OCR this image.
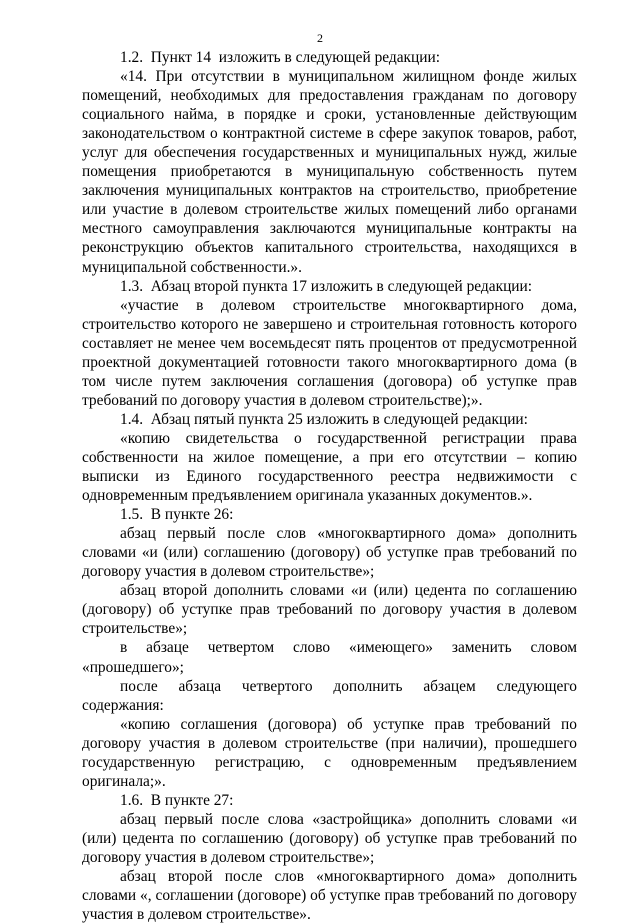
2

1.2.  Пункт 14  изложить в следующей редакции:

«14. При отсутствии в муниципальном жилищном фонде жилых помещений, необходимых для предоставления гражданам по договору социального найма, в порядке и сроки, установленные действующим законодательством о контрактной системе в сфере закупок товаров, работ, услуг для обеспечения государственных и муниципальных нужд, жилые помещения приобретаются в муниципальную собственность путем заключения муниципальных контрактов на строительство, приобретение или участие в долевом строительстве жилых помещений либо органами местного самоуправления заключаются муниципальные контракты на реконструкцию объектов капитального строительства, находящихся в муниципальной собственности.».

1.3.  Абзац второй пункта 17 изложить в следующей редакции:

«участие в долевом строительстве многоквартирного дома, строительство которого не завершено и строительная готовность которого составляет не менее чем восемьдесят пять процентов от предусмотренной проектной документацией готовности такого многоквартирного дома (в том числе путем заключения соглашения (договора) об уступке прав требований по договору участия в долевом строительстве);».

1.4.  Абзац пятый пункта 25 изложить в следующей редакции:

«копию свидетельства о государственной регистрации права собственности на жилое помещение, а при его отсутствии – копию выписки из Единого государственного реестра недвижимости с одновременным предъявлением оригинала указанных документов.».

1.5.  В пункте 26:

абзац первый после слов «многоквартирного дома» дополнить словами «и (или) соглашению (договору) об уступке прав требований по договору участия в долевом строительстве»;

абзац второй дополнить словами «и (или) цедента по соглашению (договору) об уступке прав требований по договору участия в долевом строительстве»;

в абзаце четвертом слово «имеющего» заменить словом «прошедшего»;

после абзаца четвертого дополнить абзацем следующего содержания:

«копию соглашения (договора) об уступке прав требований по договору участия в долевом строительстве (при наличии), прошедшего государственную регистрацию, с одновременным предъявлением оригинала;».

1.6.  В пункте 27:

абзац первый после слова «застройщика» дополнить словами «и (или) цедента по соглашению (договору) об уступке прав требований по договору участия в долевом строительстве»;

абзац второй после слов «многоквартирного дома» дополнить словами «, соглашении (договоре) об уступке прав требований по договору участия в долевом строительстве».
